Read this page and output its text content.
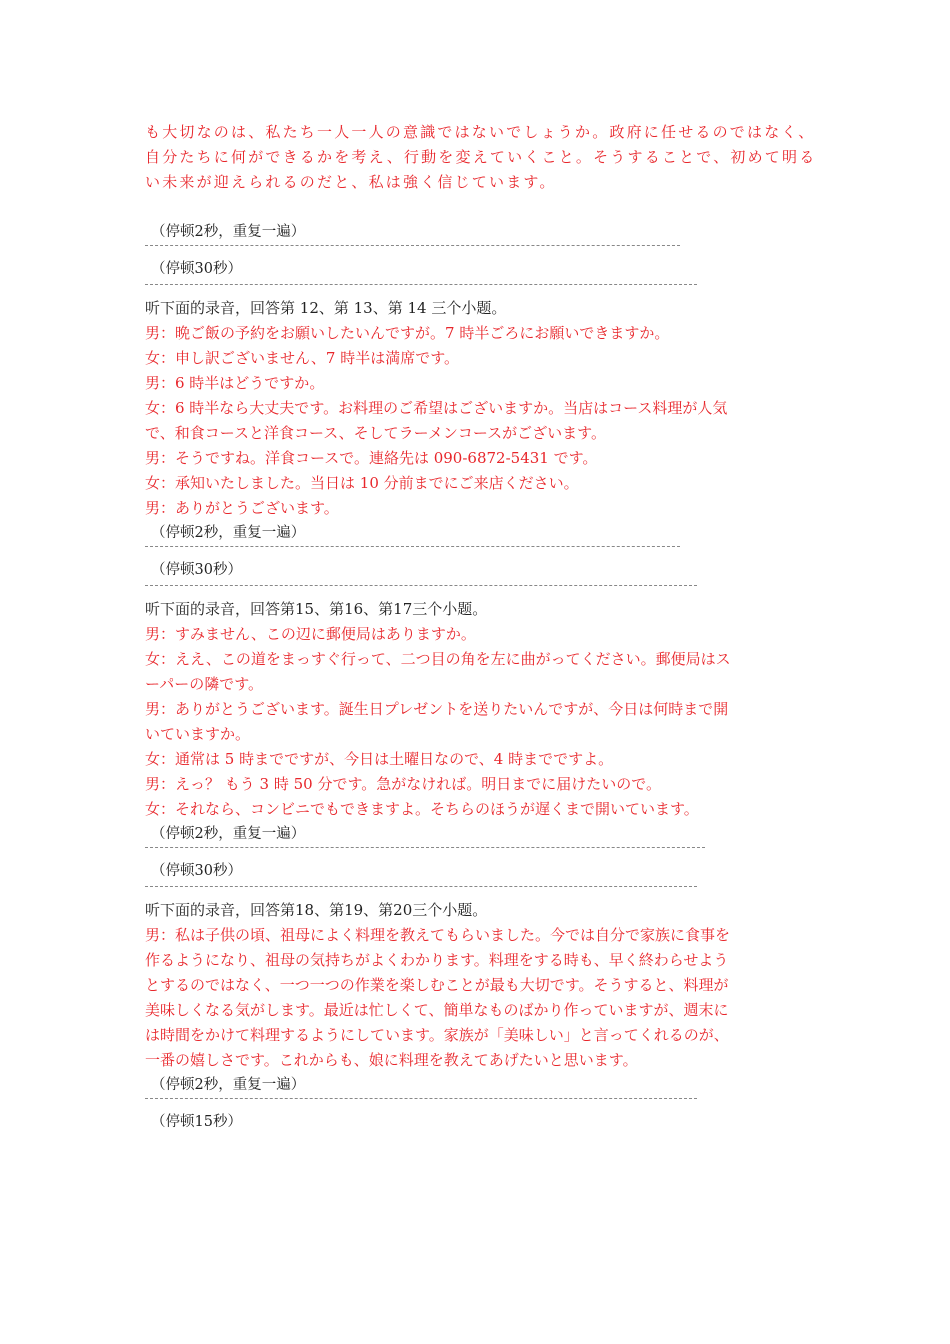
も大切なのは、私たち一人一人の意識ではないでしょうか。政府に任せるのではなく、
自分たちに何ができるかを考え、行動を変えていくこと。そうすることで、初めて明る
い未来が迎えられるのだと、私は強く信じています。
（停顿2秒，重复一遍）
（停顿30秒）
听下面的录音，回答第 12、第 13、第 14 三个小题。
男：晩ご飯の予約をお願いしたいんですが。7 時半ごろにお願いできますか。
女：申し訳ございません、7 時半は満席です。
男：6 時半はどうですか。
女：6 時半なら大丈夫です。お料理のご希望はございますか。当店はコース料理が人気
で、和食コースと洋食コース、そしてラーメンコースがございます。
男：そうですね。洋食コースで。連絡先は 090-6872-5431 です。
女：承知いたしました。当日は 10 分前までにご来店ください。
男：ありがとうございます。
（停顿2秒，重复一遍）
（停顿30秒）
听下面的录音，回答第15、第16、第17三个小题。
男：すみません、この辺に郵便局はありますか。
女：ええ、この道をまっすぐ行って、二つ目の角を左に曲がってください。郵便局はス
ーパーの隣です。
男：ありがとうございます。誕生日プレゼントを送りたいんですが、今日は何時まで開
いていますか。
女：通常は 5 時までですが、今日は土曜日なので、4 時までですよ。
男：えっ？ もう 3 時 50 分です。急がなければ。明日までに届けたいので。
女：それなら、コンビニでもできますよ。そちらのほうが遅くまで開いています。
（停顿2秒，重复一遍）
（停顿30秒）
听下面的录音，回答第18、第19、第20三个小题。
男：私は子供の頃、祖母によく料理を教えてもらいました。今では自分で家族に食事を
作るようになり、祖母の気持ちがよくわかります。料理をする時も、早く終わらせよう
とするのではなく、一つ一つの作業を楽しむことが最も大切です。そうすると、料理が
美味しくなる気がします。最近は忙しくて、簡単なものばかり作っていますが、週末に
は時間をかけて料理するようにしています。家族が「美味しい」と言ってくれるのが、
一番の嬉しさです。これからも、娘に料理を教えてあげたいと思います。
（停顿2秒，重复一遍）
（停顿15秒）
